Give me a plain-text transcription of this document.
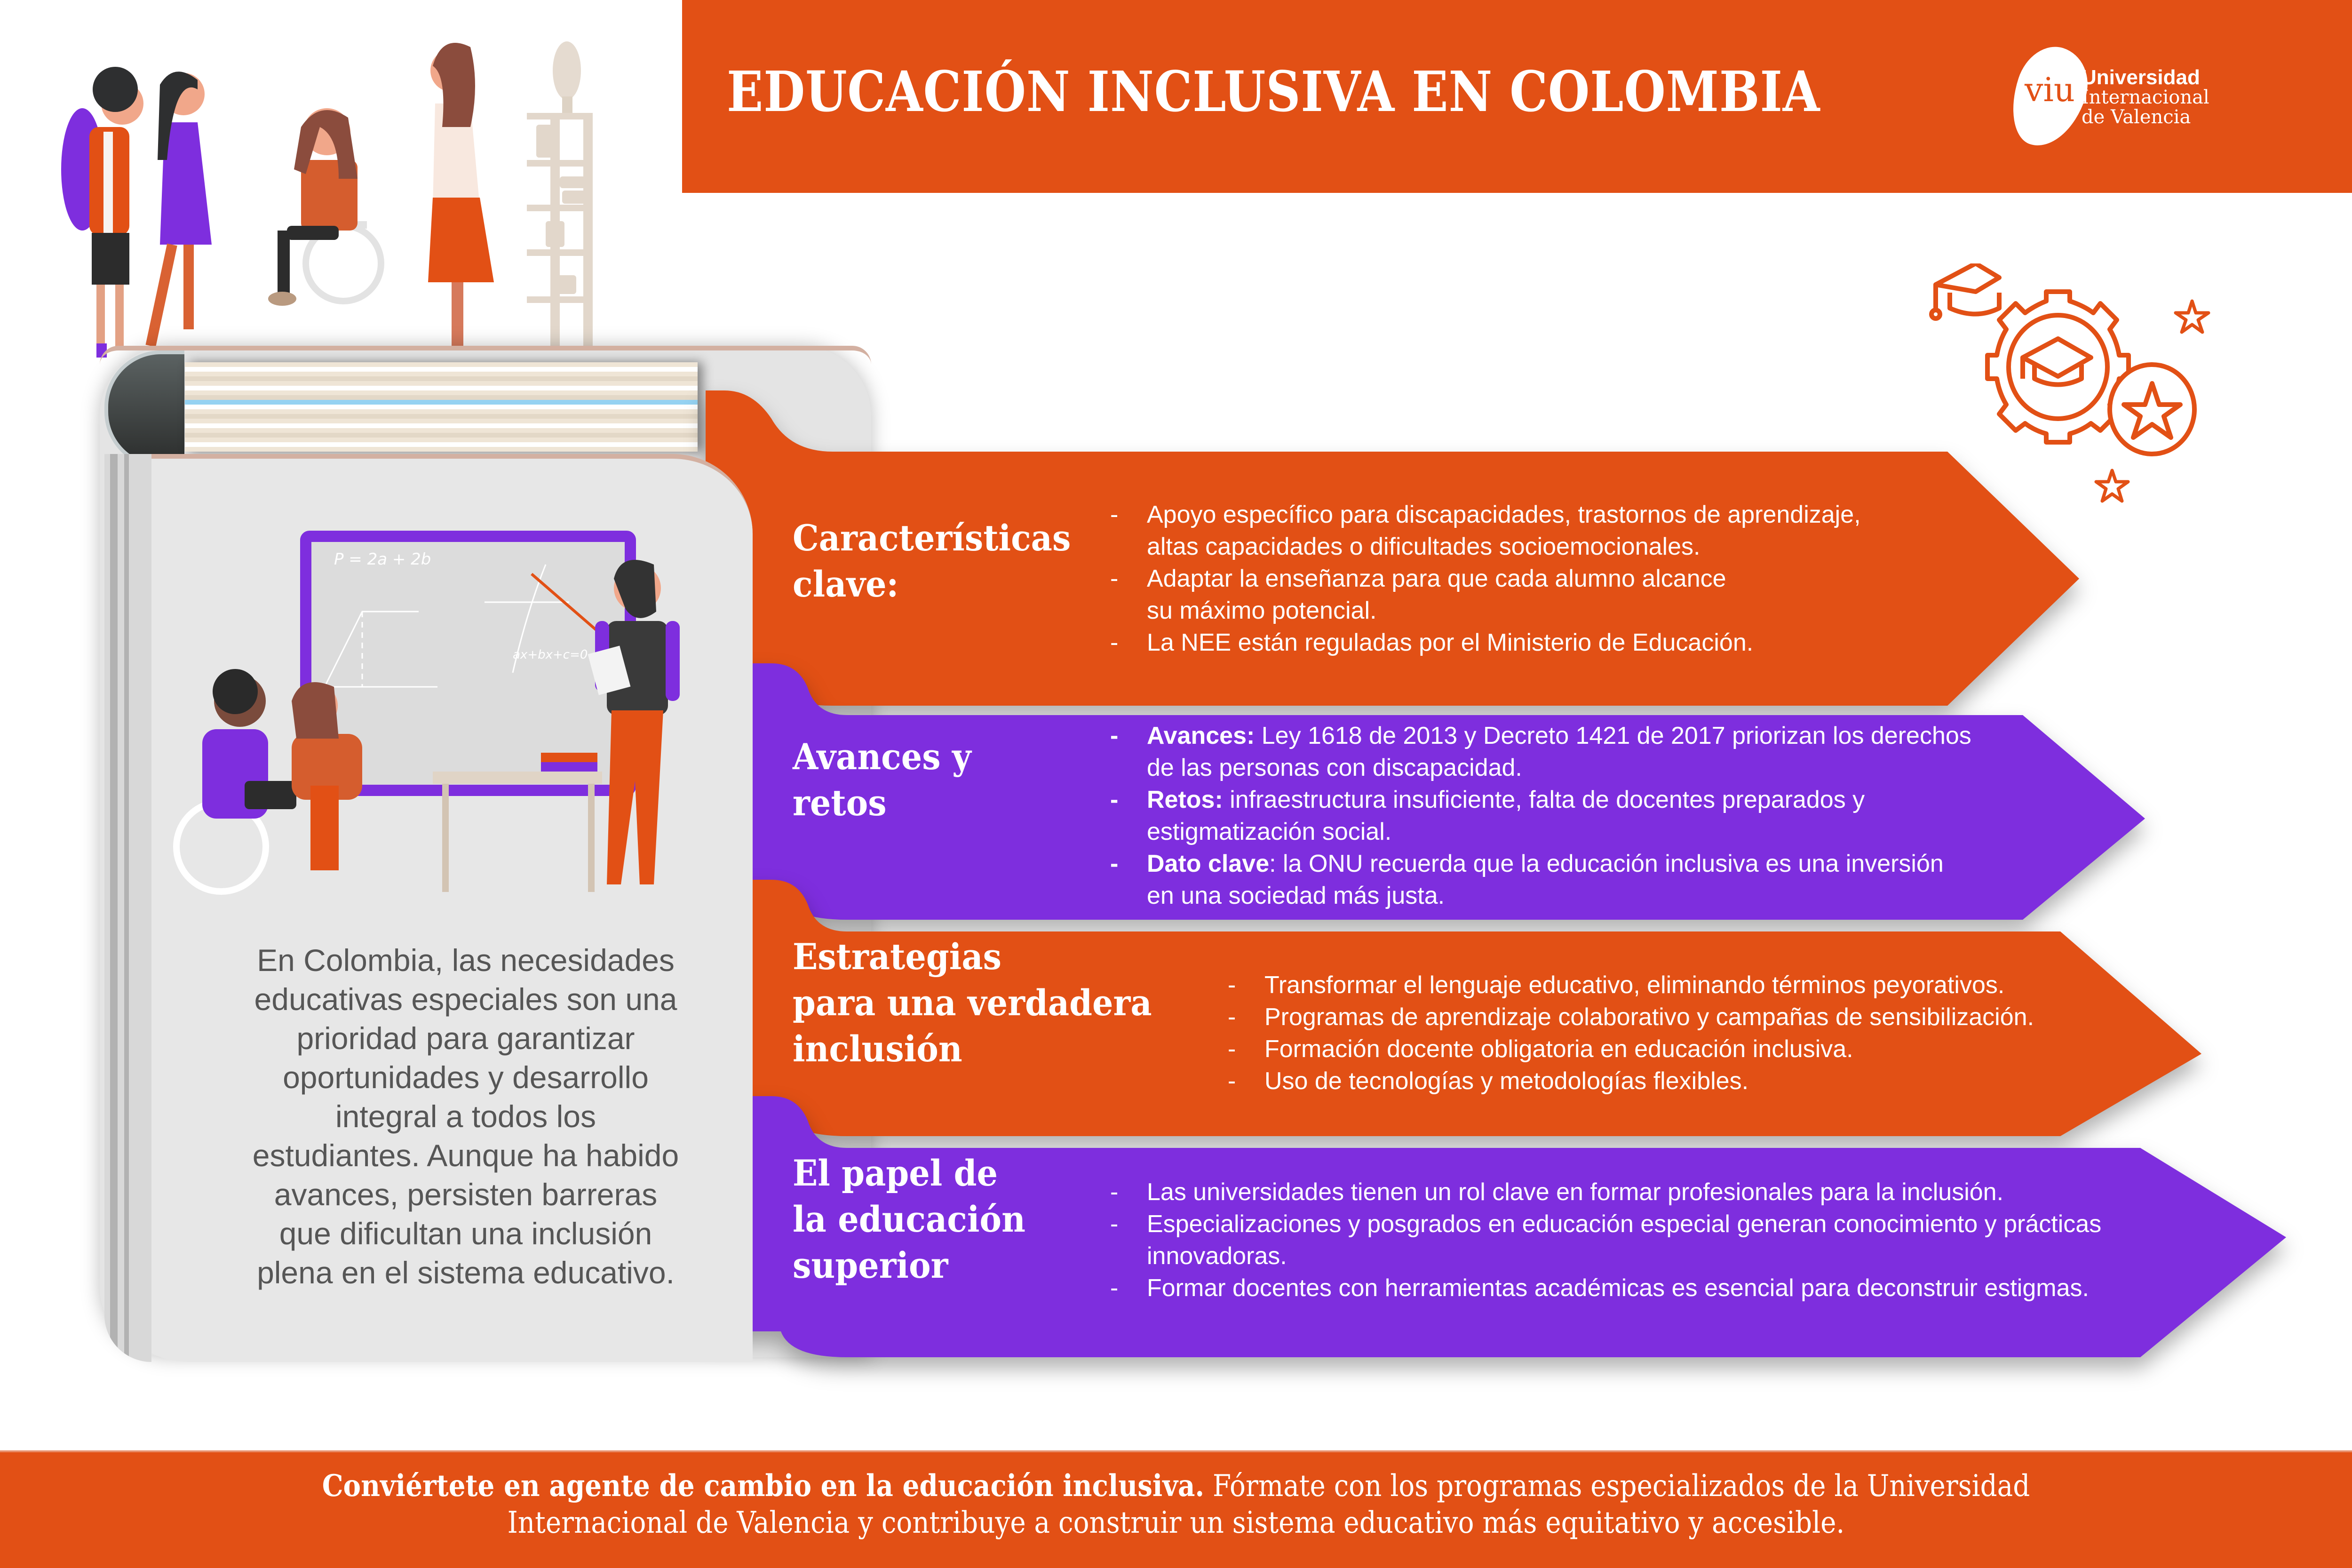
EDUCACIÓN INCLUSIVA EN COLOMBIA	viu Universidad
Internacional
de Valencia
P = 2a + 2b
ax+bx+c=0
En Colombia, las necesidades
educativas especiales son una
prioridad para garantizar
oportunidades y desarrollo
integral a todos los
estudiantes. Aunque ha habido
avances, persisten barreras
que dificultan una inclusión
plena en el sistema educativo.
Características
clave:
-	Apoyo específico para discapacidades, trastornos de aprendizaje,
altas capacidades o dificultades socioemocionales.
-	Adaptar la enseñanza para que cada alumno alcance
su máximo potencial.
-	La NEE están reguladas por el Ministerio de Educación.
Avances y
retos
-	Avances: Ley 1618 de 2013 y Decreto 1421 de 2017 priorizan los derechos
de las personas con discapacidad.
-	Retos: infraestructura insuficiente, falta de docentes preparados y
estigmatización social.
-	Dato clave: la ONU recuerda que la educación inclusiva es una inversión
en una sociedad más justa.
Estrategias
para una verdadera
inclusión
-	Transformar el lenguaje educativo, eliminando términos peyorativos.
-	Programas de aprendizaje colaborativo y campañas de sensibilización.
-	Formación docente obligatoria en educación inclusiva.
-	Uso de tecnologías y metodologías flexibles.
El papel de
la educación
superior
-	Las universidades tienen un rol clave en formar profesionales para la inclusión.
-	Especializaciones y posgrados en educación especial generan conocimiento y prácticas
innovadoras.
-	Formar docentes con herramientas académicas es esencial para deconstruir estigmas.
Conviértete en agente de cambio en la educación inclusiva. Fórmate con los programas especializados de la Universidad
Internacional de Valencia y contribuye a construir un sistema educativo más equitativo y accesible.
